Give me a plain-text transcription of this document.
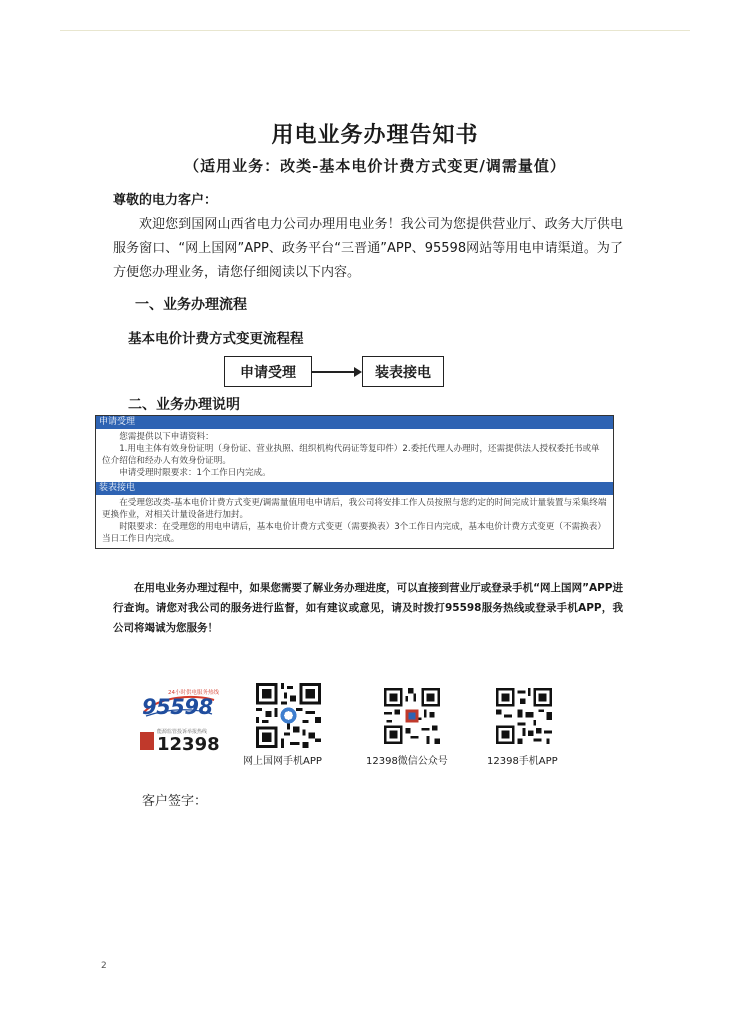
用电业务办理告知书
（适用业务：改类-基本电价计费方式变更/调需量值）
尊敬的电力客户：
欢迎您到国网山西省电力公司办理用电业务！我公司为您提供营业厅、政务大厅供电服务窗口、“网上国网”APP、政务平台“三晋通”APP、95598网站等用电申请渠道。为了方便您办理业务，请您仔细阅读以下内容。
一、业务办理流程
基本电价计费方式变更流程程
申请受理	装表接电
二、业务办理说明
申请受理

您需提供以下申请资料：

1.用电主体有效身份证明（身份证、营业执照、组织机构代码证等复印件）2.委托代理人办理时，还需提供法人授权委托书或单位介绍信和经办人有效身份证明。

申请受理时限要求：1个工作日内完成。

装表接电

在受理您改类-基本电价计费方式变更/调需量值用电申请后，我公司将安排工作人员按照与您约定的时间完成计量装置与采集终端更换作业，对相关计量设备进行加封。

时限要求：在受理您的用电申请后，基本电价计费方式变更（需要换表）3个工作日内完成，基本电价计费方式变更（不需换表）当日工作日内完成。

在用电业务办理过程中，如果您需要了解业务办理进度，可以直接到营业厅或登录手机“网上国网”APP进行查询。请您对我公司的服务进行监督，如有建议或意见，请及时拨打95598服务热线或登录手机APP，我公司将竭诚为您服务！
24小时供电服务热线
95598
能源监管投诉举报热线
12398
网上国网手机APP	12398微信公众号	12398手机APP
客户签字：
2
